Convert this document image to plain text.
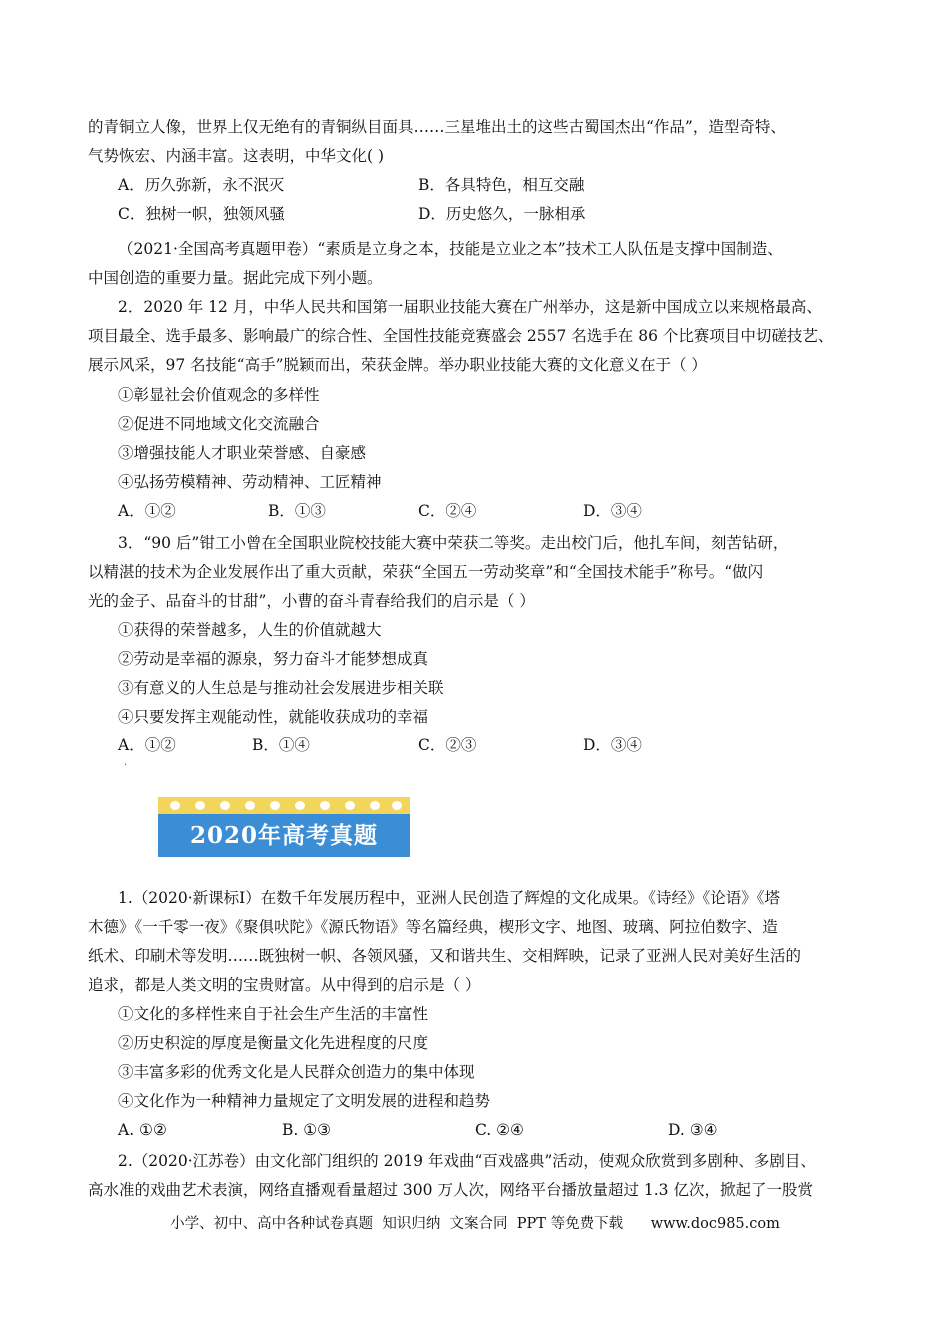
的青铜立人像，世界上仅无绝有的青铜纵目面具……三星堆出土的这些古蜀国杰出“作品”，造型奇特、
气势恢宏、内涵丰富。这表明，中华文化( )
A．历久弥新，永不泯灭	B．各具特色，相互交融
C．独树一帜，独领风骚	D．历史悠久，一脉相承
（2021·全国高考真题甲卷）“素质是立身之本，技能是立业之本”技术工人队伍是支撑中国制造、
中国创造的重要力量。据此完成下列小题。
2．2020 年 12 月，中华人民共和国第一届职业技能大赛在广州举办，这是新中国成立以来规格最高、
项目最全、选手最多、影响最广的综合性、全国性技能竞赛盛会 2557 名选手在 86 个比赛项目中切磋技艺、
展示风采，97 名技能“高手”脱颖而出，荣获金牌。举办职业技能大赛的文化意义在于（ ）
①彰显社会价值观念的多样性
②促进不同地域文化交流融合
③增强技能人才职业荣誉感、自豪感
④弘扬劳模精神、劳动精神、工匠精神
A．①②	B．①③	C．②④	D．③④
3．“90 后”钳工小曾在全国职业院校技能大赛中荣获二等奖。走出校门后，他扎车间，刻苦钻研，
以精湛的技术为企业发展作出了重大贡献，荣获“全国五一劳动奖章”和“全国技术能手”称号。“做闪
光的金子、品奋斗的甘甜”，小曹的奋斗青春给我们的启示是（ ）
①获得的荣誉越多，人生的价值就越大
②劳动是幸福的源泉，努力奋斗才能梦想成真
③有意义的人生总是与推动社会发展进步相关联
④只要发挥主观能动性，就能收获成功的幸福
A．①②	B．①④	C．②③	D．③④
·
2020年高考真题
1.（2020·新课标Ⅰ）在数千年发展历程中，亚洲人民创造了辉煌的文化成果。《诗经》《论语》《塔
木德》《一千零一夜》《聚俱吠陀》《源氏物语》等名篇经典，楔形文字、地图、玻璃、阿拉伯数字、造
纸术、印刷术等发明……既独树一帜、各领风骚，又和谐共生、交相辉映，记录了亚洲人民对美好生活的
追求，都是人类文明的宝贵财富。从中得到的启示是（ ）
①文化的多样性来自于社会生产生活的丰富性
②历史积淀的厚度是衡量文化先进程度的尺度
③丰富多彩的优秀文化是人民群众创造力的集中体现
④文化作为一种精神力量规定了文明发展的进程和趋势
A. ①②	B. ①③	C. ②④	D. ③④
2.（2020·江苏卷）由文化部门组织的 2019 年戏曲“百戏盛典”活动，使观众欣赏到多剧种、多剧目、
高水准的戏曲艺术表演，网络直播观看量超过 300 万人次，网络平台播放量超过 1.3 亿次，掀起了一股赏
小学、初中、高中各种试卷真题  知识归纳  文案合同  PPT 等免费下载      www.doc985.com
